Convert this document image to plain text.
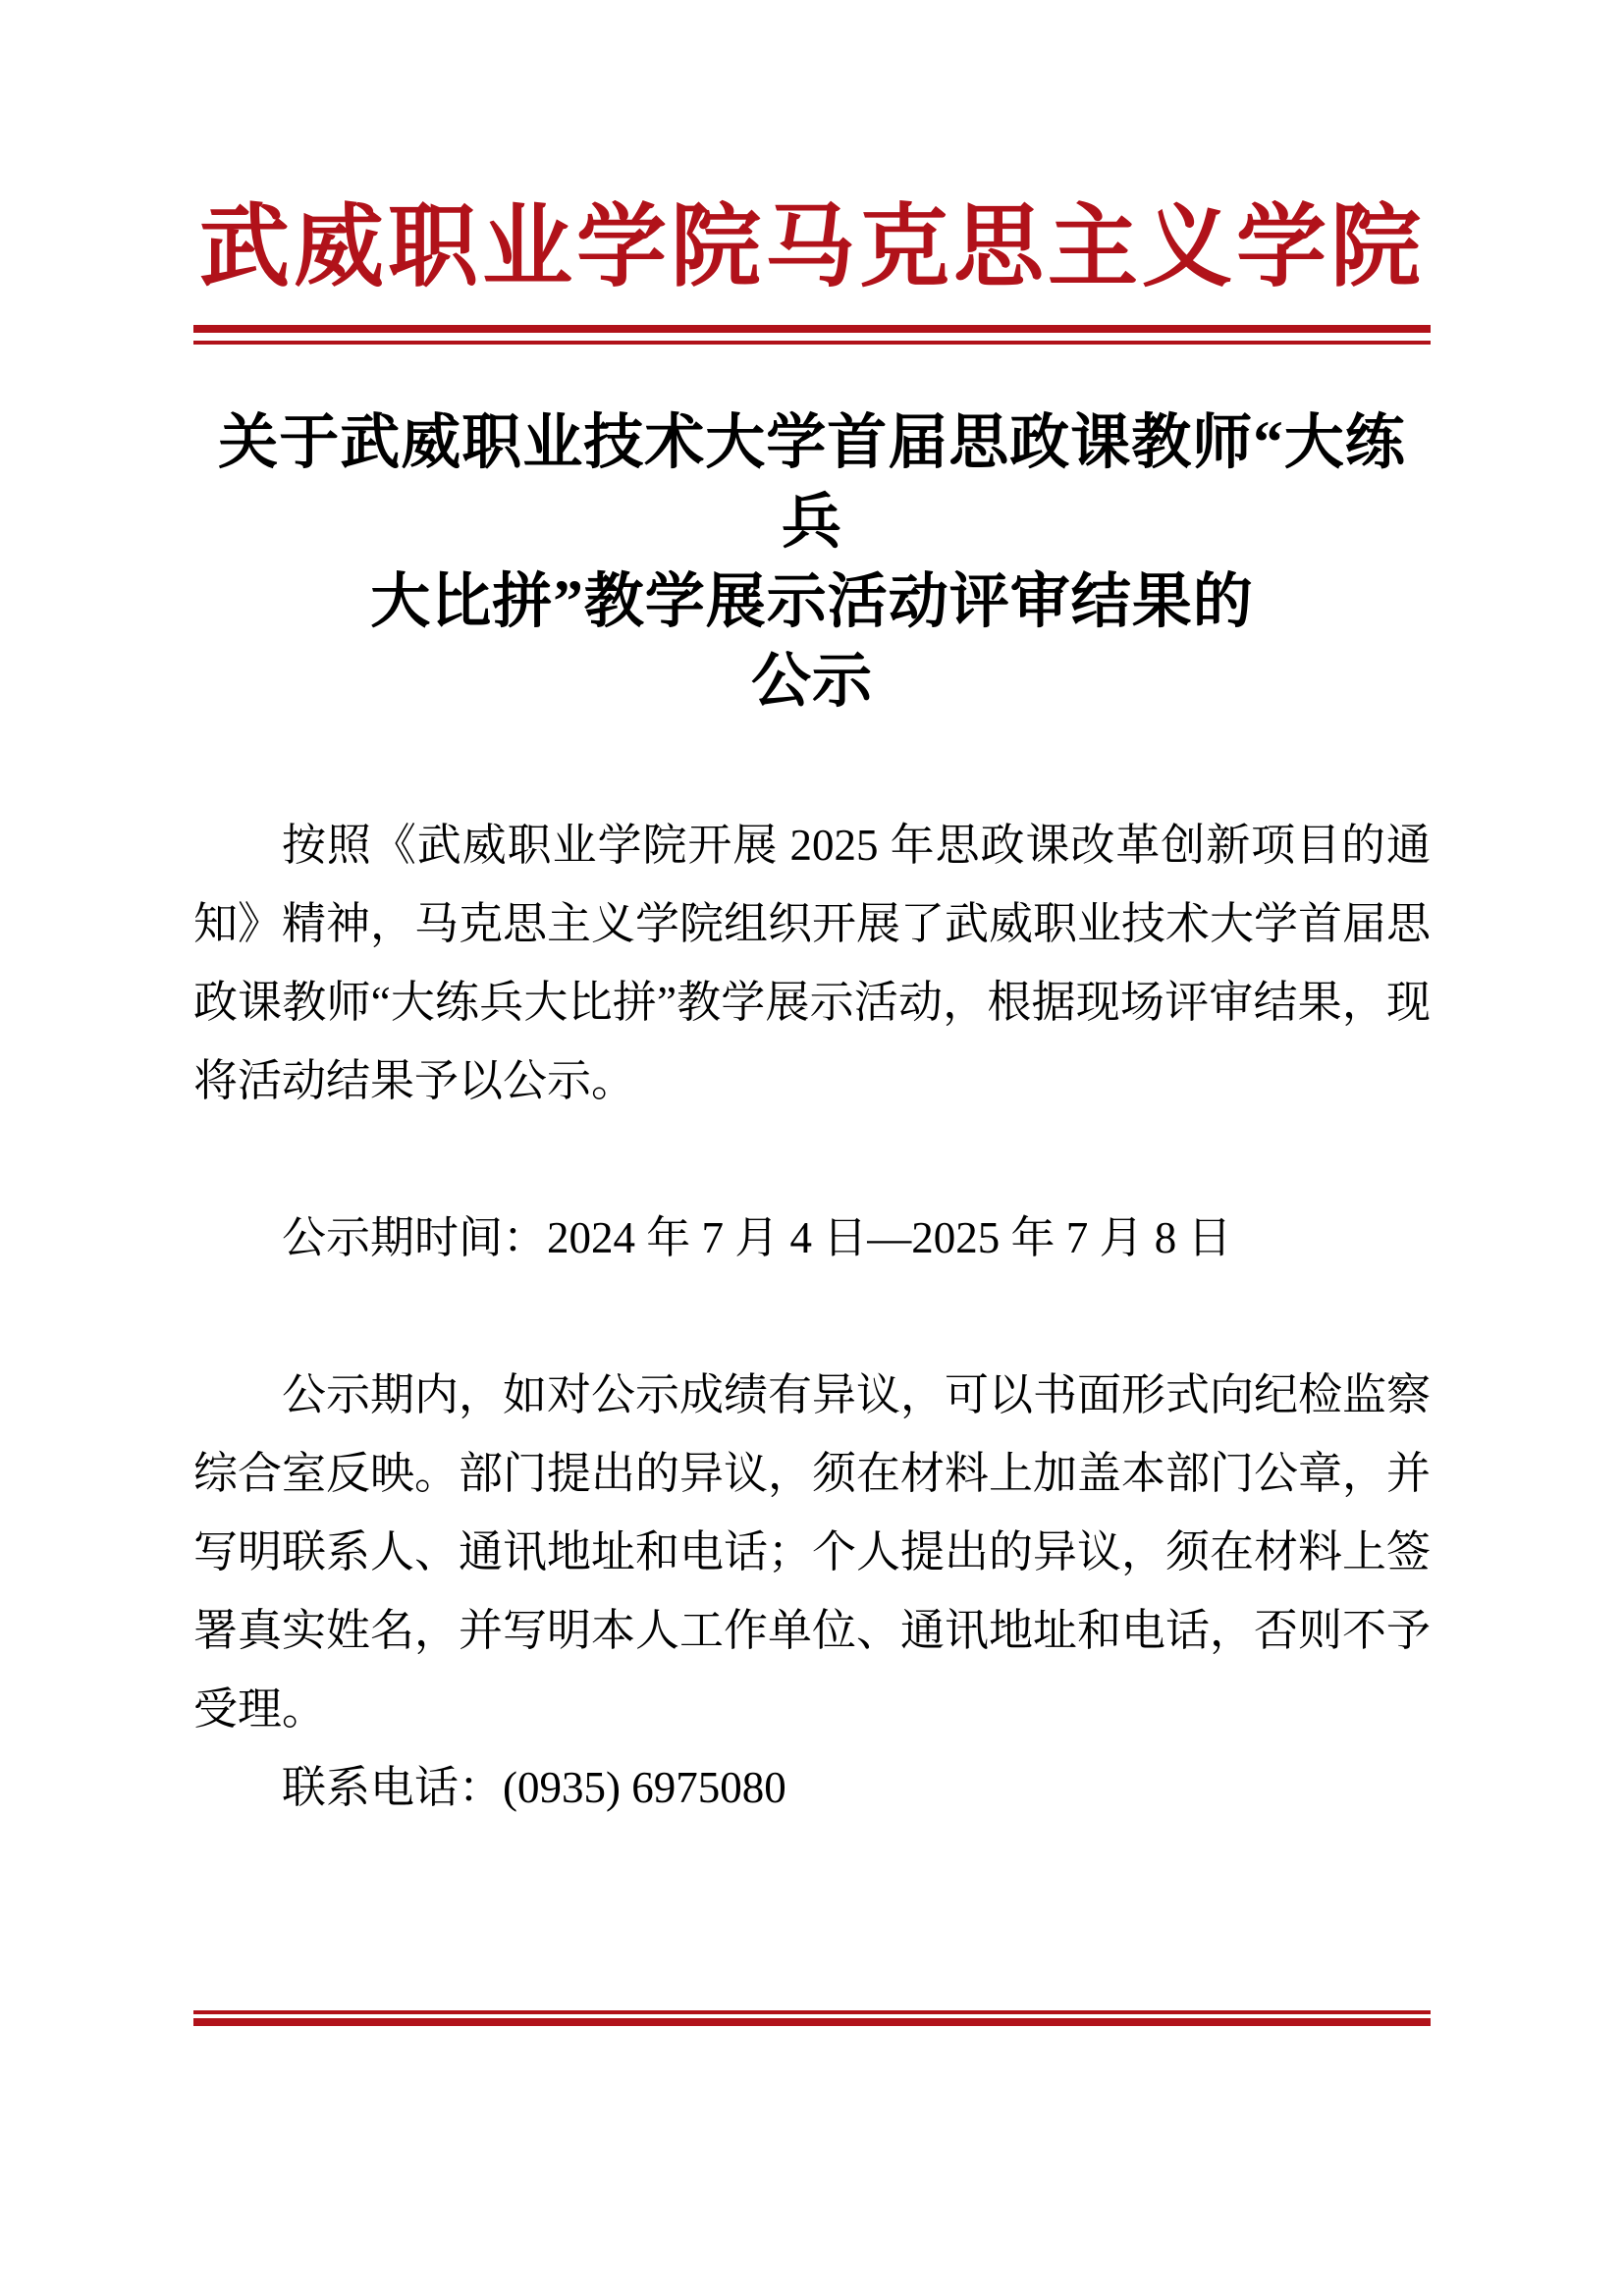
武威职业学院马克思主义学院
关于武威职业技术大学首届思政课教师“大练兵
大比拼”教学展示活动评审结果的
公示

按照《武威职业学院开展 2025 年思政课改革创新项目的通知》精神，马克思主义学院组织开展了武威职业技术大学首届思政课教师“大练兵大比拼”教学展示活动，根据现场评审结果，现将活动结果予以公示。

公示期时间：2024 年 7 月 4 日—2025 年 7 月 8 日

公示期内，如对公示成绩有异议，可以书面形式向纪检监察综合室反映。部门提出的异议，须在材料上加盖本部门公章，并写明联系人、通讯地址和电话；个人提出的异议，须在材料上签署真实姓名，并写明本人工作单位、通讯地址和电话，否则不予受理。

联系电话：(0935) 6975080
